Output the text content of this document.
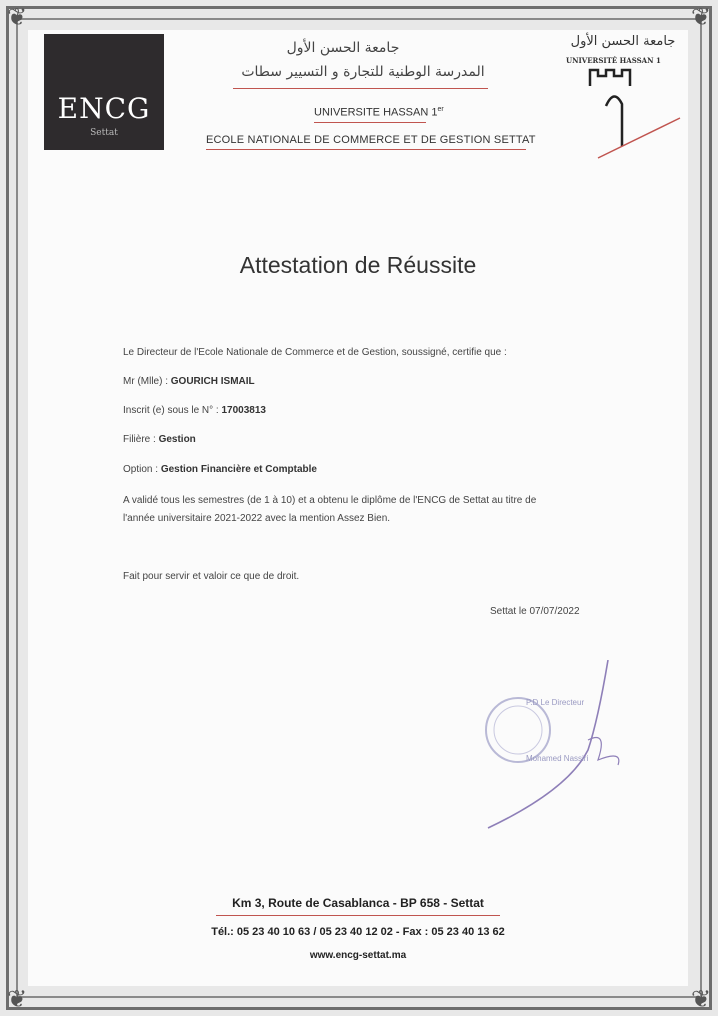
❦	❦
❦	❦
ENCG
Settat
جامعة الحسن الأول
المدرسة الوطنية للتجارة و التسيير سطات
UNIVERSITE HASSAN 1er
ECOLE NATIONALE DE COMMERCE ET DE GESTION SETTAT
جامعة الحسن الأول
UNIVERSITÉ HASSAN 1
Attestation de Réussite
Le Directeur de l'Ecole Nationale de Commerce et de Gestion, soussigné, certifie que :
Mr (Mlle) : GOURICH ISMAIL
Inscrit (e) sous le N° : 17003813
Filière : Gestion
Option : Gestion Financière et Comptable
A validé tous les semestres (de 1 à 10) et a obtenu le diplôme de l'ENCG de Settat au titre de
l'année universitaire 2021-2022 avec la mention Assez Bien.
Fait pour servir et valoir ce que de droit.
Settat le 07/07/2022
P.D Le Directeur
Mohamed Nassiri
Km 3, Route de Casablanca - BP 658 - Settat
Tél.: 05 23 40 10 63 / 05 23 40 12 02 - Fax : 05 23 40 13 62
www.encg-settat.ma
